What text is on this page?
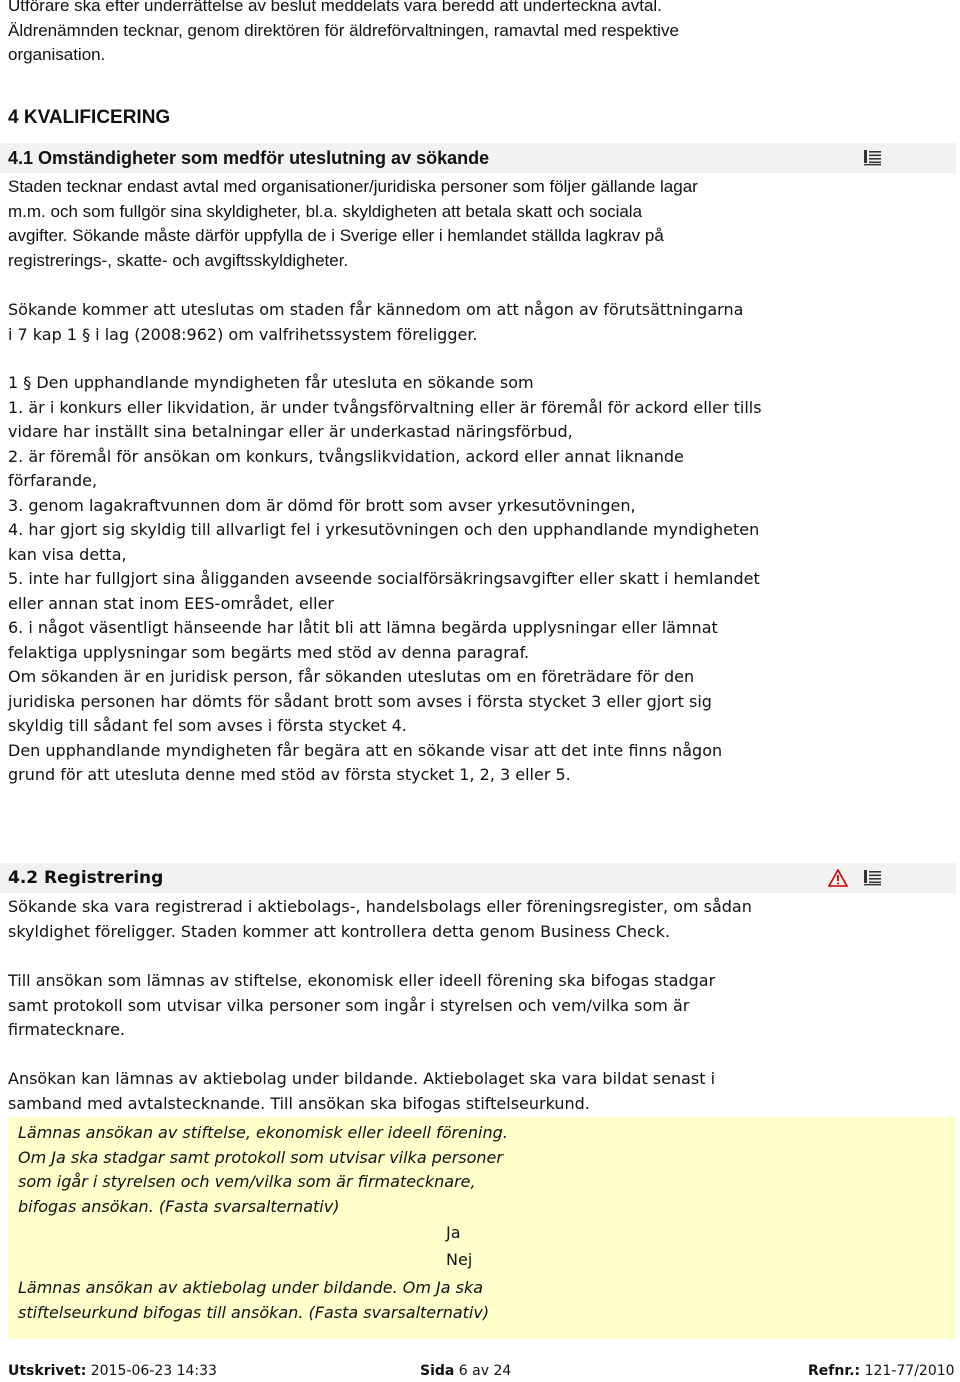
Utförare ska efter underrättelse av beslut meddelats vara beredd att underteckna avtal.

Äldrenämnden tecknar, genom direktören för äldreförvaltningen, ramavtal med respektive

organisation.

4 KVALIFICERING
4.1 Omständigheter som medför uteslutning av sökande

Staden tecknar endast avtal med organisationer/juridiska personer som följer gällande lagar

m.m. och som fullgör sina skyldigheter, bl.a. skyldigheten att betala skatt och sociala

avgifter. Sökande måste därför uppfylla de i Sverige eller i hemlandet ställda lagkrav på

registrerings-, skatte- och avgiftsskyldigheter.

Sökande kommer att uteslutas om staden får kännedom om att någon av förutsättningarna

i 7 kap 1 § i lag (2008:962) om valfrihetssystem föreligger.

1 § Den upphandlande myndigheten får utesluta en sökande som

1. är i konkurs eller likvidation, är under tvångsförvaltning eller är föremål för ackord eller tills

vidare har inställt sina betalningar eller är underkastad näringsförbud,

2. är föremål för ansökan om konkurs, tvångslikvidation, ackord eller annat liknande

förfarande,

3. genom lagakraftvunnen dom är dömd för brott som avser yrkesutövningen,

4. har gjort sig skyldig till allvarligt fel i yrkesutövningen och den upphandlande myndigheten

kan visa detta,

5. inte har fullgjort sina åligganden avseende socialförsäkringsavgifter eller skatt i hemlandet

eller annan stat inom EES-området, eller

6. i något väsentligt hänseende har låtit bli att lämna begärda upplysningar eller lämnat

felaktiga upplysningar som begärts med stöd av denna paragraf.

Om sökanden är en juridisk person, får sökanden uteslutas om en företrädare för den

juridiska personen har dömts för sådant brott som avses i första stycket 3 eller gjort sig

skyldig till sådant fel som avses i första stycket 4.

Den upphandlande myndigheten får begära att en sökande visar att det inte finns någon

grund för att utesluta denne med stöd av första stycket 1, 2, 3 eller 5.

4.2 Registrering

Sökande ska vara registrerad i aktiebolags-, handelsbolags eller föreningsregister, om sådan

skyldighet föreligger. Staden kommer att kontrollera detta genom Business Check.

Till ansökan som lämnas av stiftelse, ekonomisk eller ideell förening ska bifogas stadgar

samt protokoll som utvisar vilka personer som ingår i styrelsen och vem/vilka som är

firmatecknare.

Ansökan kan lämnas av aktiebolag under bildande. Aktiebolaget ska vara bildat senast i

samband med avtalstecknande. Till ansökan ska bifogas stiftelseurkund.

Lämnas ansökan av stiftelse, ekonomisk eller ideell förening.
Om Ja ska stadgar samt protokoll som utvisar vilka personer
som igår i styrelsen och vem/vilka som är firmatecknare,
bifogas ansökan. (Fasta svarsalternativ)
Ja
Nej
Lämnas ansökan av aktiebolag under bildande. Om Ja ska
stiftelseurkund bifogas till ansökan. (Fasta svarsalternativ)
Utskrivet: 2015-06-23 14:33	Sida 6 av 24	Refnr.: 121-77/2010
